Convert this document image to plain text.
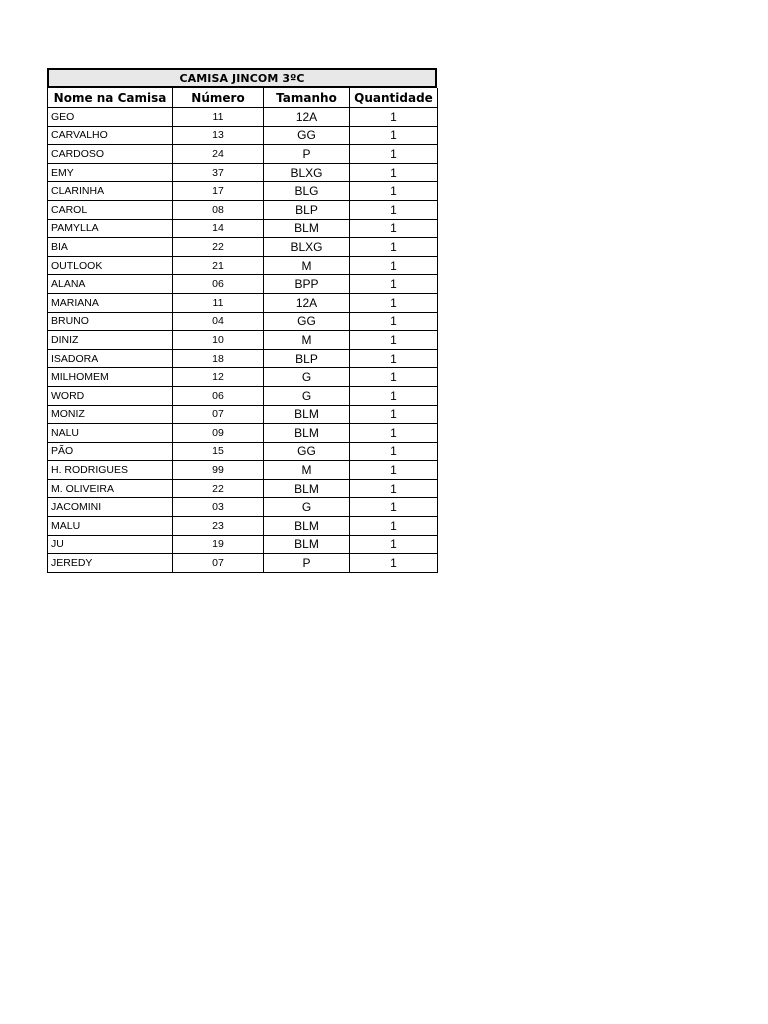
CAMISA JINCOM 3ºC
Nome na Camisa	Número	Tamanho	Quantidade
GEO	11	12A	1
CARVALHO	13	GG	1
CARDOSO	24	P	1
EMY	37	BLXG	1
CLARINHA	17	BLG	1
CAROL	08	BLP	1
PAMYLLA	14	BLM	1
BIA	22	BLXG	1
OUTLOOK	21	M	1
ALANA	06	BPP	1
MARIANA	11	12A	1
BRUNO	04	GG	1
DINIZ	10	M	1
ISADORA	18	BLP	1
MILHOMEM	12	G	1
WORD	06	G	1
MONIZ	07	BLM	1
NALU	09	BLM	1
PÃO	15	GG	1
H. RODRIGUES	99	M	1
M. OLIVEIRA	22	BLM	1
JACOMINI	03	G	1
MALU	23	BLM	1
JU	19	BLM	1
JEREDY	07	P	1
